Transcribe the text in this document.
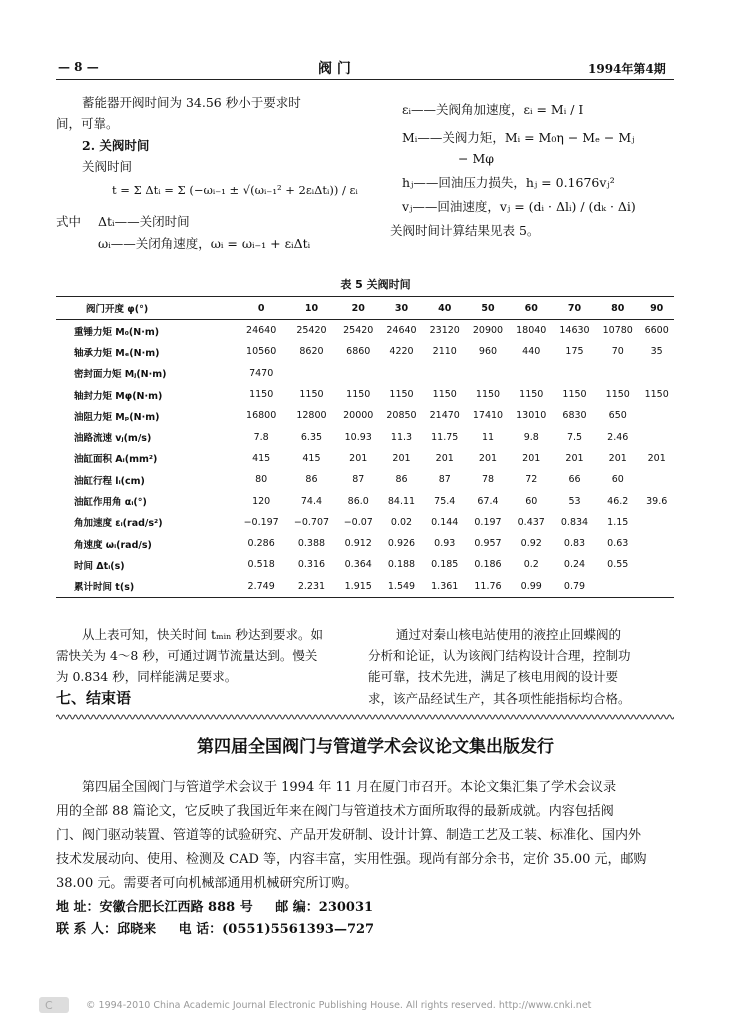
— 8 —	阀 门	1994年第4期
蓄能器开阀时间为 34.56 秒小于要求时
间，可靠。
2. 关阀时间
关阀时间
t = Σ Δtᵢ = Σ (−ωᵢ₋₁ ± √(ωᵢ₋₁² + 2εᵢΔtᵢ)) / εᵢ
式中 Δtᵢ——关闭时间
ωᵢ——关闭角速度，ωᵢ = ωᵢ₋₁ + εᵢΔtᵢ
εᵢ——关阀角加速度，εᵢ = Mᵢ / I
Mᵢ——关阀力矩，Mᵢ = M₀η − Mₑ − Mⱼ
− Mφ
hⱼ——回油压力损失，hⱼ = 0.1676vⱼ²
vⱼ——回油速度，vⱼ = (dᵢ · Δlᵢ) / (dₖ · Δi)
关阀时间计算结果见表 5。
表 5 关阀时间
阀门开度 φ(°)	0	10	20	30	40	50	60	70	80	90
重锤力矩 M₀(N·m)	24640	25420	25420	24640	23120	20900	18040	14630	10780	6600
轴承力矩 Mₑ(N·m)	10560	8620	6860	4220	2110	960	440	175	70	35
密封面力矩 Mⱼ(N·m)	7470									
轴封力矩 Mφ(N·m)	1150	1150	1150	1150	1150	1150	1150	1150	1150	1150
油阻力矩 Mₚ(N·m)	16800	12800	20000	20850	21470	17410	13010	6830	650	
油路流速 vⱼ(m/s)	7.8	6.35	10.93	11.3	11.75	11	9.8	7.5	2.46	
油缸面积 Aᵢ(mm²)	415	415	201	201	201	201	201	201	201	201
油缸行程 lᵢ(cm)	80	86	87	86	87	78	72	66	60	
油缸作用角 αᵢ(°)	120	74.4	86.0	84.11	75.4	67.4	60	53	46.2	39.6
角加速度 εᵢ(rad/s²)	−0.197	−0.707	−0.07	0.02	0.144	0.197	0.437	0.834	1.15	
角速度 ωᵢ(rad/s)	0.286	0.388	0.912	0.926	0.93	0.957	0.92	0.83	0.63	
时间 Δtᵢ(s)	0.518	0.316	0.364	0.188	0.185	0.186	0.2	0.24	0.55	
累计时间 t(s)	2.749	2.231	1.915	1.549	1.361	11.76	0.99	0.79		
从上表可知，快关时间 tₘᵢₙ 秒达到要求。如
需快关为 4～8 秒，可通过调节流量达到。慢关
为 0.834 秒，同样能满足要求。
七、结束语
通过对秦山核电站使用的液控止回蝶阀的
分析和论证，认为该阀门结构设计合理，控制功
能可靠，技术先进，满足了核电用阀的设计要
求，该产品经试生产，其各项性能指标均合格。
第四届全国阀门与管道学术会议论文集出版发行
第四届全国阀门与管道学术会议于 1994 年 11 月在厦门市召开。本论文集汇集了学术会议录
用的全部 88 篇论文，它反映了我国近年来在阀门与管道技术方面所取得的最新成就。内容包括阀
门、阀门驱动装置、管道等的试验研究、产品开发研制、设计计算、制造工艺及工装、标准化、国内外
技术发展动向、使用、检测及 CAD 等，内容丰富，实用性强。现尚有部分余书，定价 35.00 元，邮购
38.00 元。需要者可向机械部通用机械研究所订购。
地 址：安徽合肥长江西路 888 号 邮 编：230031
联 系 人：邱晓来 电 话：(0551)5561393—727
C	© 1994-2010 China Academic Journal Electronic Publishing House. All rights reserved. http://www.cnki.net
